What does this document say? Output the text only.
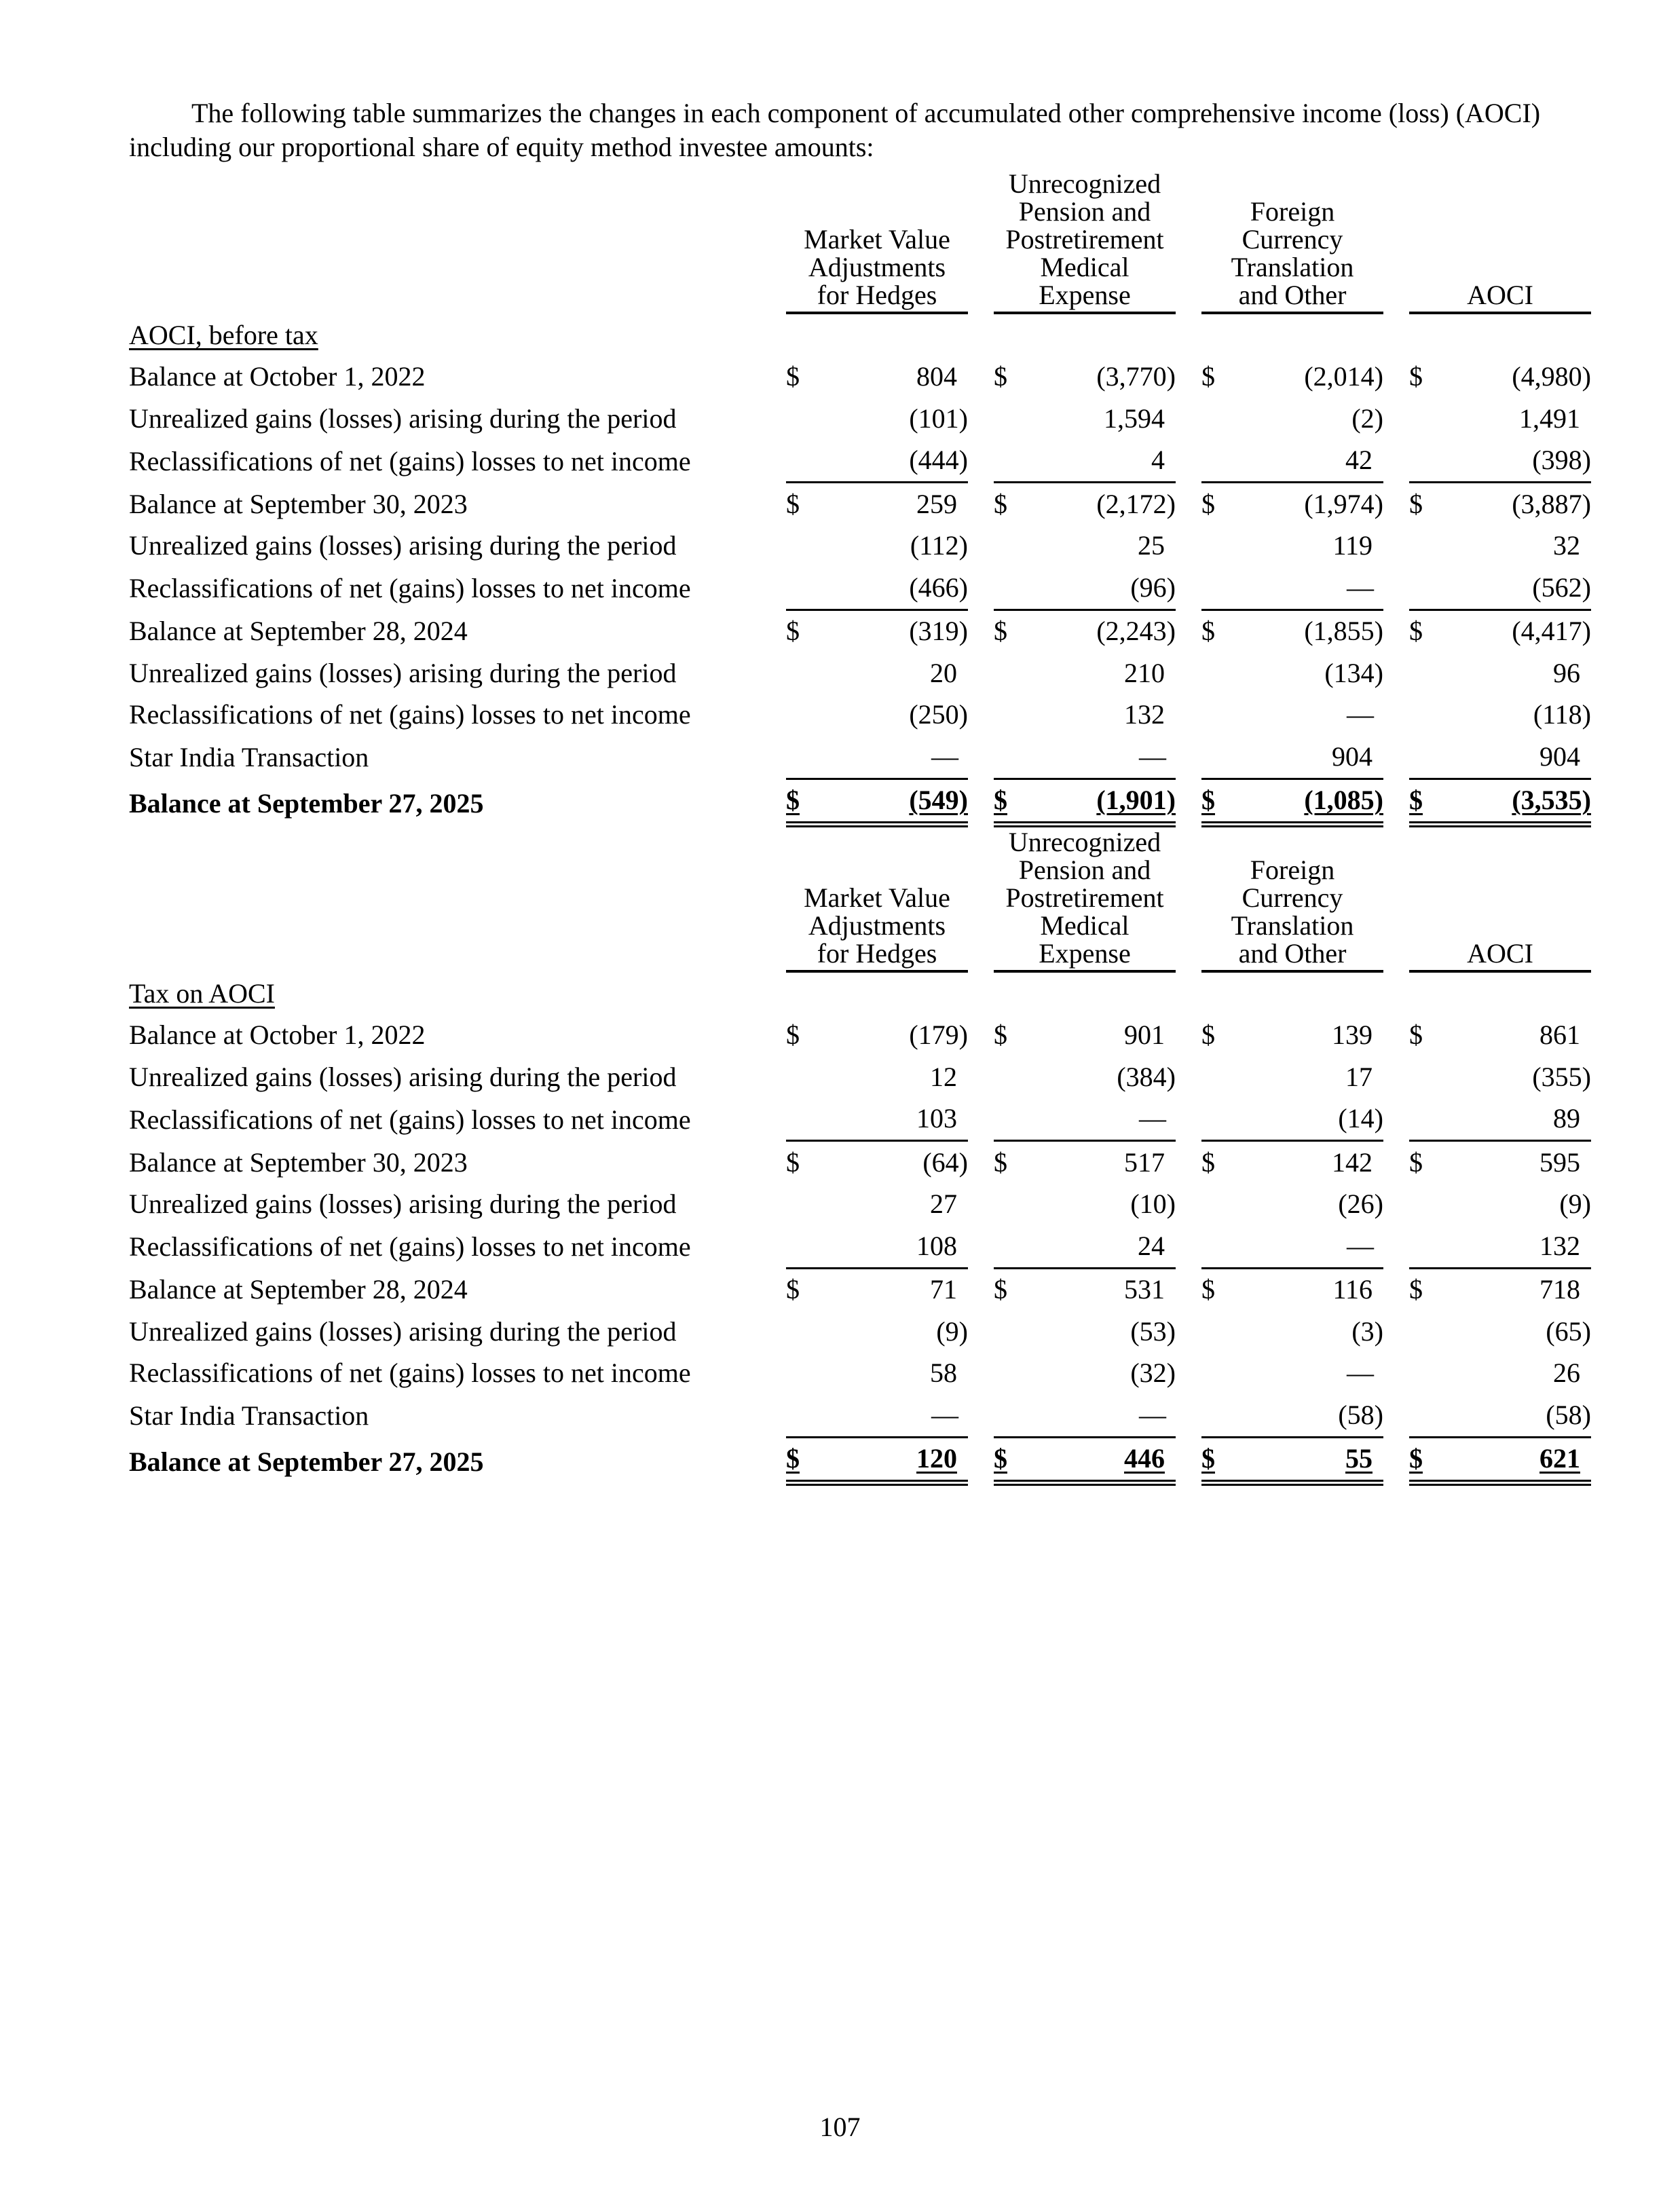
The following table summarizes the changes in each component of accumulated other comprehensive income (loss) (AOCI) including our proportional share of equity method investee amounts:

		Market Value
Adjustments
for Hedges			Unrecognized
Pension and
Postretirement
Medical
Expense			Foreign
Currency
Translation
and Other			AOCI	
AOCI, before tax												
Balance at October 1, 2022		$	804		$	(3,770)		$	(2,014)		$	(4,980)
Unrealized gains (losses) arising during the period			(101)			1,594			(2)			1,491
Reclassifications of net (gains) losses to net income			(444)			4			42			(398)
Balance at September 30, 2023		$	259		$	(2,172)		$	(1,974)		$	(3,887)
Unrealized gains (losses) arising during the period			(112)			25			119			32
Reclassifications of net (gains) losses to net income			(466)			(96)			—			(562)
Balance at September 28, 2024		$	(319)		$	(2,243)		$	(1,855)		$	(4,417)
Unrealized gains (losses) arising during the period			20			210			(134)			96
Reclassifications of net (gains) losses to net income			(250)			132			—			(118)
Star India Transaction			—			—			904			904
Balance at September 27, 2025		$	(549)		$	(1,901)		$	(1,085)		$	(3,535)
		Market Value
Adjustments
for Hedges			Unrecognized
Pension and
Postretirement
Medical
Expense			Foreign
Currency
Translation
and Other			AOCI	
Tax on AOCI												
Balance at October 1, 2022		$	(179)		$	901		$	139		$	861
Unrealized gains (losses) arising during the period			12			(384)			17			(355)
Reclassifications of net (gains) losses to net income			103			—			(14)			89
Balance at September 30, 2023		$	(64)		$	517		$	142		$	595
Unrealized gains (losses) arising during the period			27			(10)			(26)			(9)
Reclassifications of net (gains) losses to net income			108			24			—			132
Balance at September 28, 2024		$	71		$	531		$	116		$	718
Unrealized gains (losses) arising during the period			(9)			(53)			(3)			(65)
Reclassifications of net (gains) losses to net income			58			(32)			—			26
Star India Transaction			—			—			(58)			(58)
Balance at September 27, 2025		$	120		$	446		$	55		$	621
107
